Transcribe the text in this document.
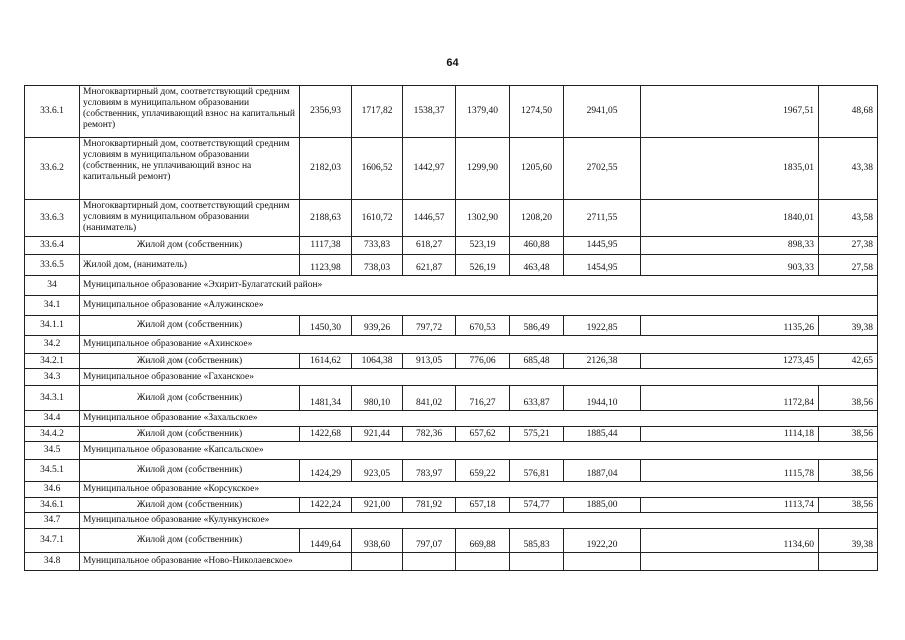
64
33.6.1	Многоквартирный дом, соответствующий средним условиям в муниципальном образовании (собственник, уплачивающий взнос на капитальный ремонт)	2356,93	1717,82	1538,37	1379,40	1274,50	2941,05	1967,51	48,68
33.6.2	Многоквартирный дом, соответствующий средним условиям в муниципальном образовании (собственник, не уплачивающий взнос на капитальный ремонт)	2182,03	1606,52	1442,97	1299,90	1205,60	2702,55	1835,01	43,38
33.6.3	Многоквартирный дом, соответствующий средним условиям в муниципальном образовании (наниматель)	2188,63	1610,72	1446,57	1302,90	1208,20	2711,55	1840,01	43,58
33.6.4	Жилой дом (собственник)	1117,38	733,83	618,27	523,19	460,88	1445,95	898,33	27,38
33.6.5	Жилой дом, (наниматель)	1123,98	738,03	621,87	526,19	463,48	1454,95	903,33	27,58
34	Муниципальное образование «Эхирит-Булагатский район»								
34.1	Муниципальное образование «Алужинское»								
34.1.1	Жилой дом (собственник)	1450,30	939,26	797,72	670,53	586,49	1922,85	1135,26	39,38
34.2	Муниципальное образование «Ахинское»								
34.2.1	Жилой дом (собственник)	1614,62	1064,38	913,05	776,06	685,48	2126,38	1273,45	42,65
34.3	Муниципальное образование «Гаханское»								
34.3.1	Жилой дом (собственник)	1481,34	980,10	841,02	716,27	633,87	1944,10	1172,84	38,56
34.4	Муниципальное образование «Захальское»								
34.4.2	Жилой дом (собственник)	1422,68	921,44	782,36	657,62	575,21	1885,44	1114,18	38,56
34.5	Муниципальное образование «Капсальское»								
34.5.1	Жилой дом (собственник)	1424,29	923,05	783,97	659,22	576,81	1887,04	1115,78	38,56
34.6	Муниципальное образование «Корсукское»								
34.6.1	Жилой дом (собственник)	1422,24	921,00	781,92	657,18	574,77	1885,00	1113,74	38,56
34.7	Муниципальное образование «Кулункунское»								
34.7.1	Жилой дом (собственник)	1449,64	938,60	797,07	669,88	585,83	1922,20	1134,60	39,38
34.8	Муниципальное образование «Ново-Николаевское»								
